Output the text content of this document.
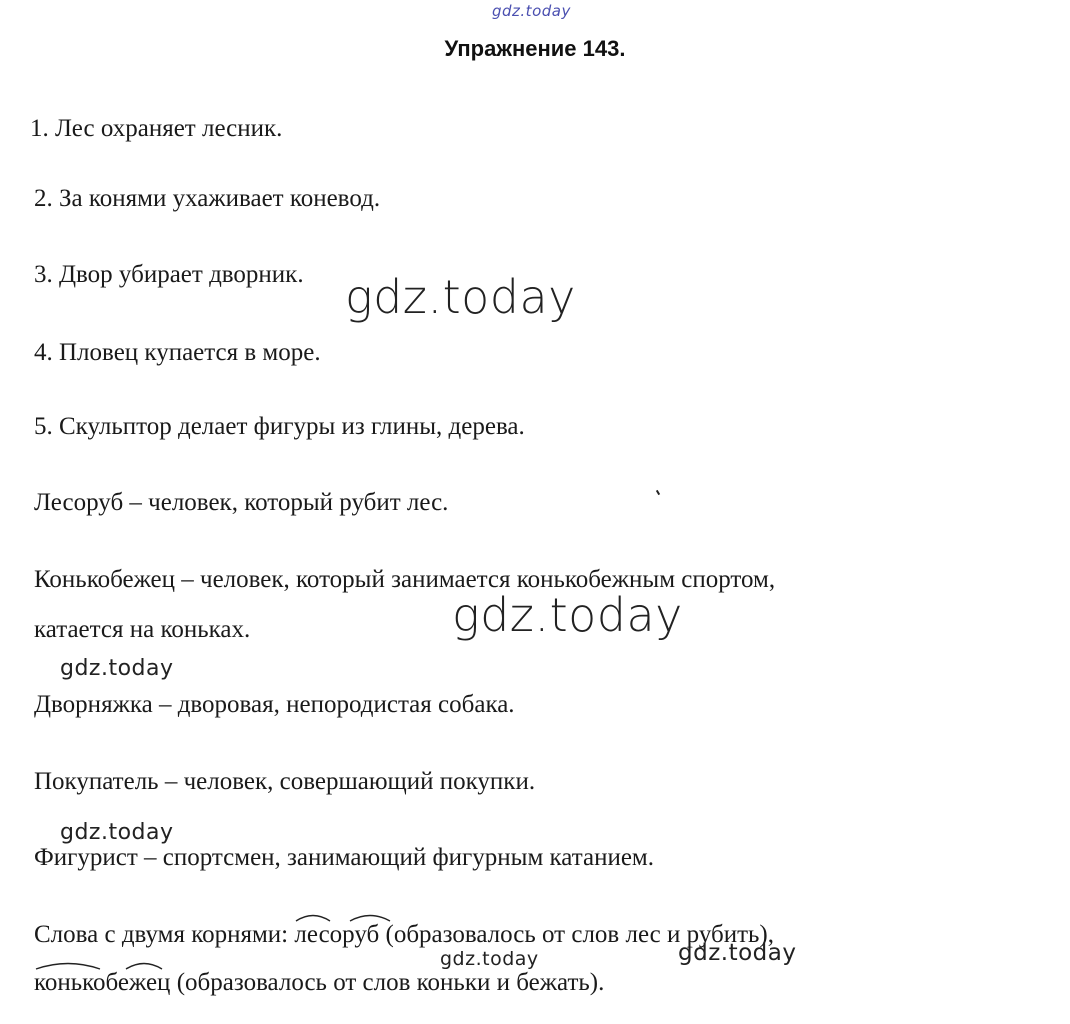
gdz.today
Упражнение 143.
1. Лес охраняет лесник.
2. За конями ухаживает коневод.
3. Двор убирает дворник.
4. Пловец купается в море.
5. Скульптор делает фигуры из глины, дерева.
Лесоруб – человек, который рубит лес.
Конькобежец – человек, который занимается конькобежным спортом,
катается на коньках.
Дворняжка – дворовая, непородистая собака.
Покупатель – человек, совершающий покупки.
Фигурист – спортсмен, занимающий фигурным катанием.
Слова с двумя корнями:
лесоруб (образовалось от слов лес и рубить),
конькобежец (образовалось от слов коньки и бежать).
gdz.today
gdz.today
gdz.today
gdz.today
gdz.today	gdz.today
